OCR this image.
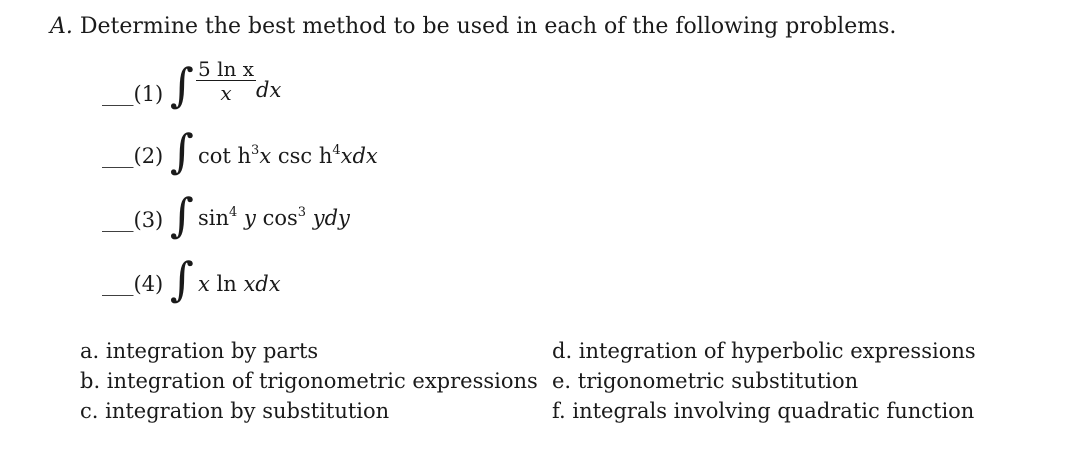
A. Determine the best method to be used in each of the following problems.
___(1) ∫ $\frac{\text{5 ln x}}{x}$ dx
___(2) ∫ $\cot h^3x$ $\csc h^4xdx$
___(3) ∫ $\sin^4 y$ $\cos^3$ ydy
___(4) ∫ x ln xdx
a. integration by parts
b. integration of trigonometric expressions
c. integration by substitution
d. integration of hyperbolic expressions
e. trigonometric substitution
f. integrals involving quadratic function
